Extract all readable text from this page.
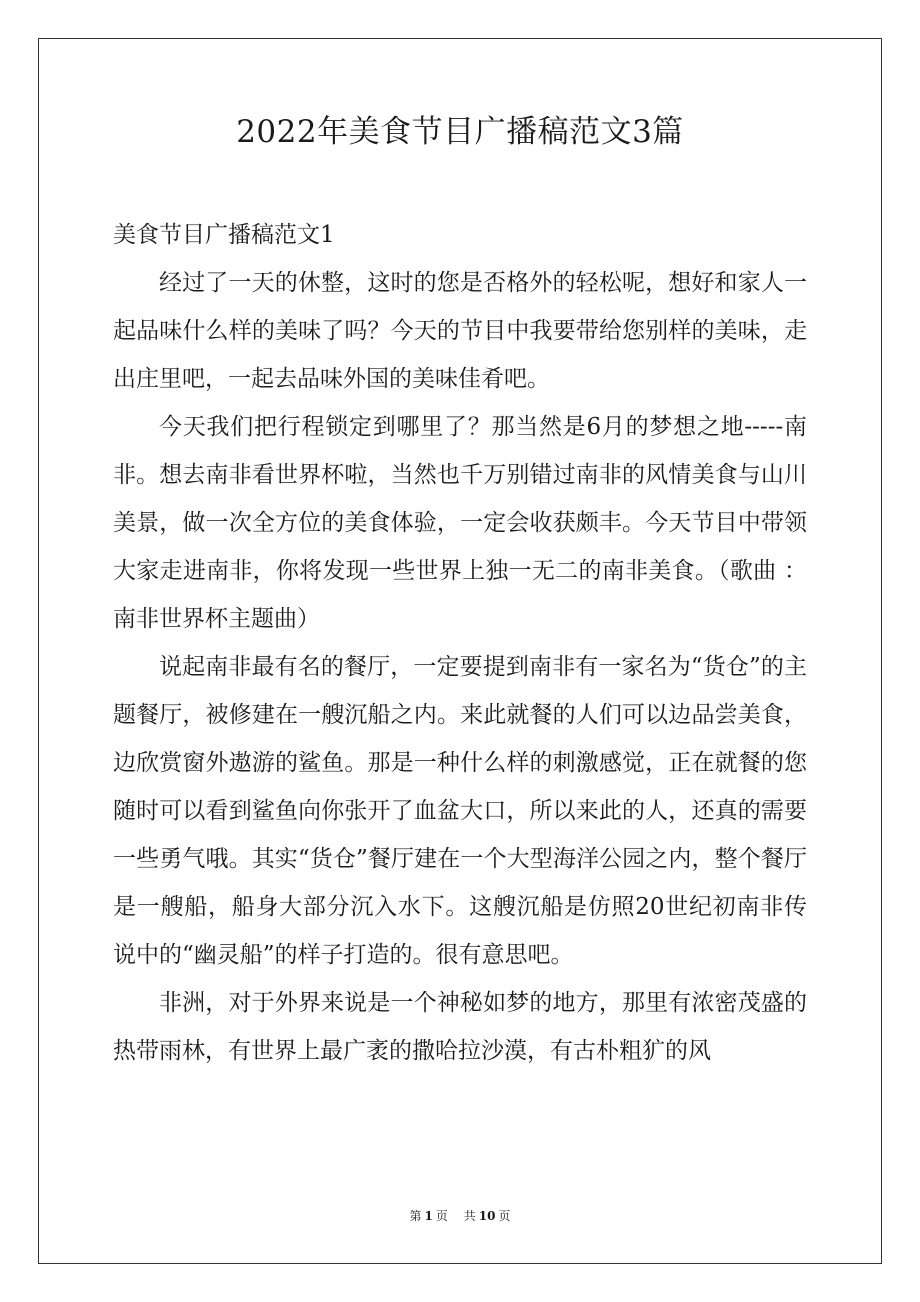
2022年美食节目广播稿范文3篇

美食节目广播稿范文1

经过了一天的休整，这时的您是否格外的轻松呢，想好和家人一起品味什么样的美味了吗？今天的节目中我要带给您别样的美味，走出庄里吧，一起去品味外国的美味佳肴吧。

今天我们把行程锁定到哪里了？那当然是6月的梦想之地-----南非。想去南非看世界杯啦，当然也千万别错过南非的风情美食与山川美景，做一次全方位的美食体验，一定会收获颇丰。今天节目中带领大家走进南非，你将发现一些世界上独一无二的南非美食。（歌曲 ：南非世界杯主题曲）

说起南非最有名的餐厅，一定要提到南非有一家名为“货仓”的主题餐厅，被修建在一艘沉船之内。来此就餐的人们可以边品尝美食，边欣赏窗外遨游的鲨鱼。那是一种什么样的刺激感觉，正在就餐的您随时可以看到鲨鱼向你张开了血盆大口，所以来此的人，还真的需要一些勇气哦。其实“货仓”餐厅建在一个大型海洋公园之内，整个餐厅是一艘船，船身大部分沉入水下。这艘沉船是仿照20世纪初南非传说中的“幽灵船”的样子打造的。很有意思吧。

非洲，对于外界来说是一个神秘如梦的地方，那里有浓密茂盛的热带雨林，有世界上最广袤的撒哈拉沙漠，有古朴粗犷的风

第 1 页 共 10 页
